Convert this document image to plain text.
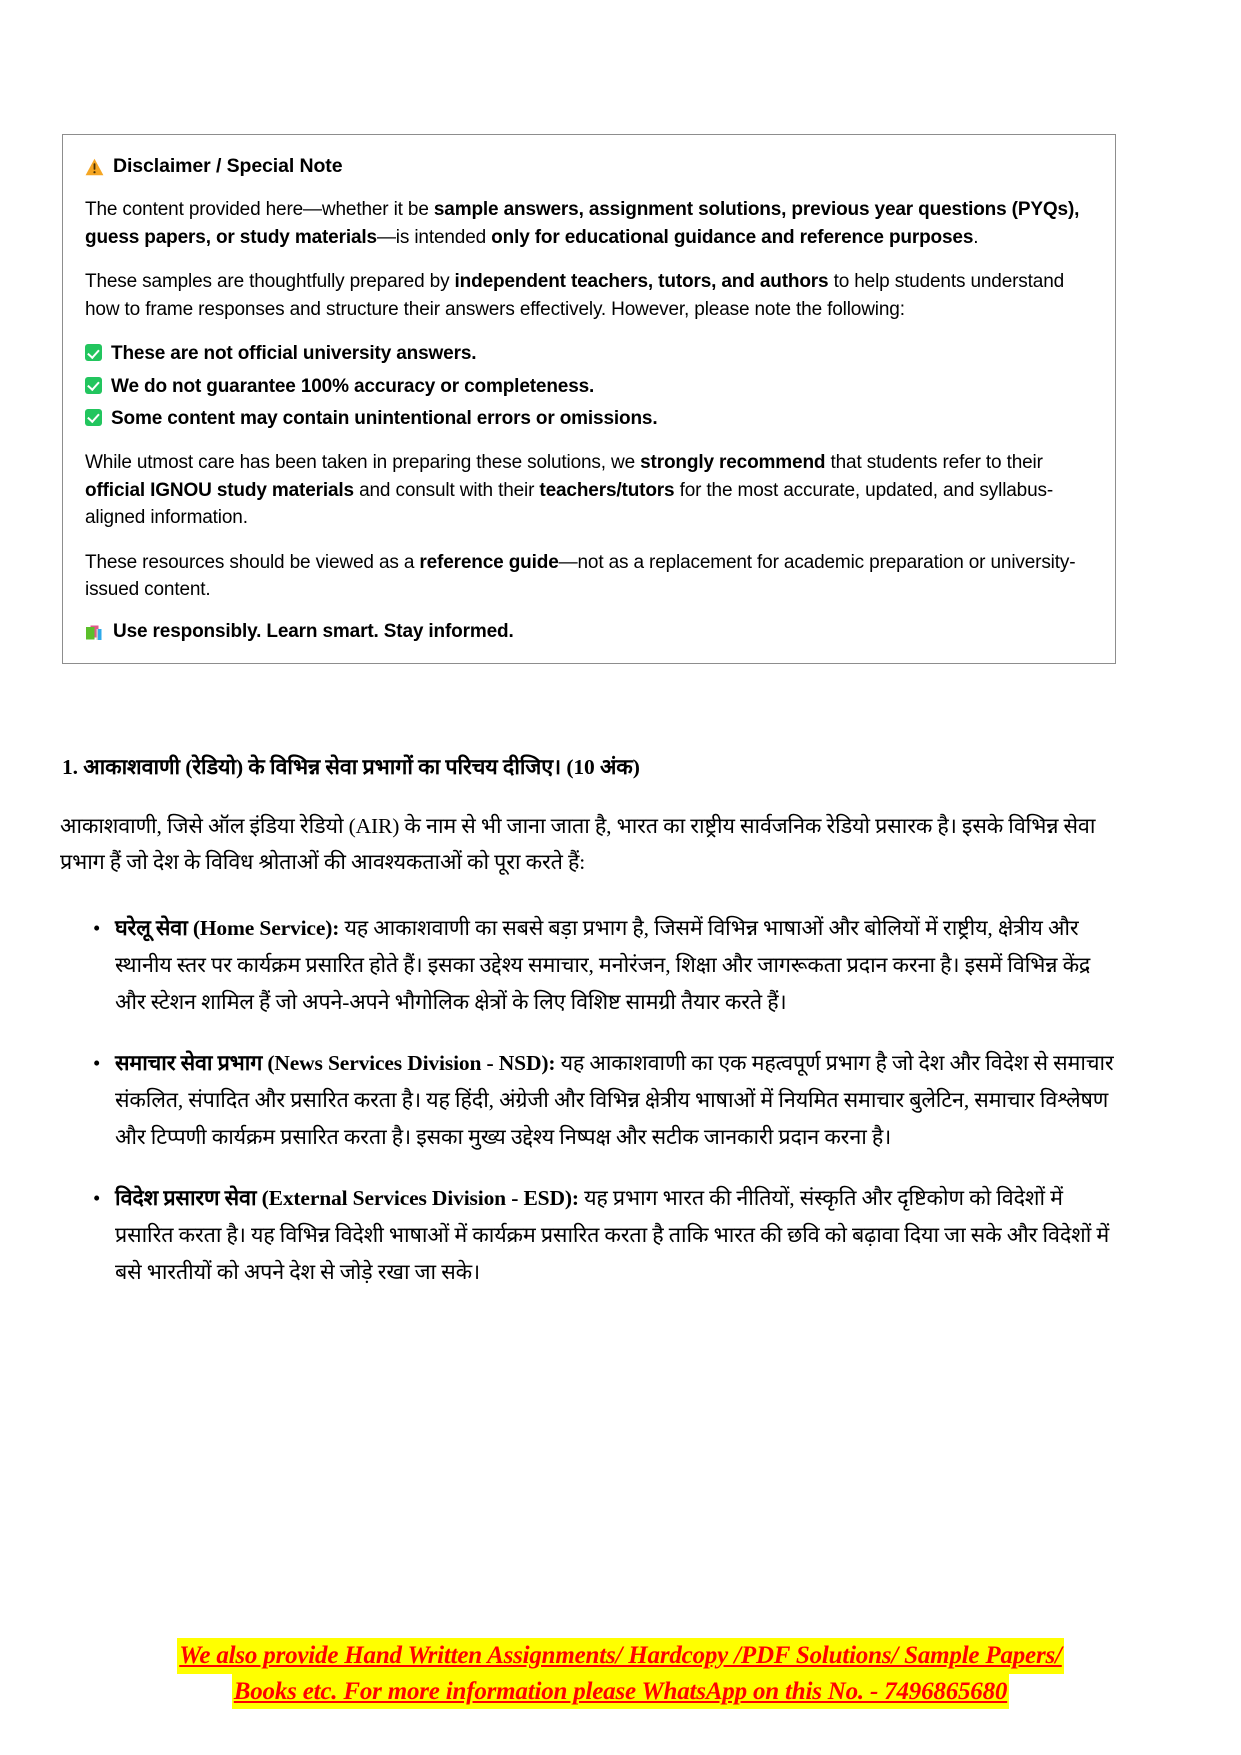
Disclaimer / Special Note

The content provided here—whether it be sample answers, assignment solutions, previous year questions (PYQs), guess papers, or study materials—is intended only for educational guidance and reference purposes.

These samples are thoughtfully prepared by independent teachers, tutors, and authors to help students understand how to frame responses and structure their answers effectively. However, please note the following:

These are not official university answers.
We do not guarantee 100% accuracy or completeness.
Some content may contain unintentional errors or omissions.

While utmost care has been taken in preparing these solutions, we strongly recommend that students refer to their official IGNOU study materials and consult with their teachers/tutors for the most accurate, updated, and syllabus-aligned information.

These resources should be viewed as a reference guide—not as a replacement for academic preparation or university-issued content.

Use responsibly. Learn smart. Stay informed.
1. आकाशवाणी (रेडियो) के विभिन्न सेवा प्रभागों का परिचय दीजिए। (10 अंक)
आकाशवाणी, जिसे ऑल इंडिया रेडियो (AIR) के नाम से भी जाना जाता है, भारत का राष्ट्रीय सार्वजनिक रेडियो प्रसारक है। इसके विभिन्न सेवा प्रभाग हैं जो देश के विविध श्रोताओं की आवश्यकताओं को पूरा करते हैं:
• घरेलू सेवा (Home Service): यह आकाशवाणी का सबसे बड़ा प्रभाग है, जिसमें विभिन्न भाषाओं और बोलियों में राष्ट्रीय, क्षेत्रीय और स्थानीय स्तर पर कार्यक्रम प्रसारित होते हैं। इसका उद्देश्य समाचार, मनोरंजन, शिक्षा और जागरूकता प्रदान करना है। इसमें विभिन्न केंद्र और स्टेशन शामिल हैं जो अपने-अपने भौगोलिक क्षेत्रों के लिए विशिष्ट सामग्री तैयार करते हैं।
• समाचार सेवा प्रभाग (News Services Division - NSD): यह आकाशवाणी का एक महत्वपूर्ण प्रभाग है जो देश और विदेश से समाचार संकलित, संपादित और प्रसारित करता है। यह हिंदी, अंग्रेजी और विभिन्न क्षेत्रीय भाषाओं में नियमित समाचार बुलेटिन, समाचार विश्लेषण और टिप्पणी कार्यक्रम प्रसारित करता है। इसका मुख्य उद्देश्य निष्पक्ष और सटीक जानकारी प्रदान करना है।
• विदेश प्रसारण सेवा (External Services Division - ESD): यह प्रभाग भारत की नीतियों, संस्कृति और दृष्टिकोण को विदेशों में प्रसारित करता है। यह विभिन्न विदेशी भाषाओं में कार्यक्रम प्रसारित करता है ताकि भारत की छवि को बढ़ावा दिया जा सके और विदेशों में बसे भारतीयों को अपने देश से जोड़े रखा जा सके।
We also provide Hand Written Assignments/ Hardcopy /PDF Solutions/ Sample Papers/
Books etc. For more information please WhatsApp on this No. - 7496865680
